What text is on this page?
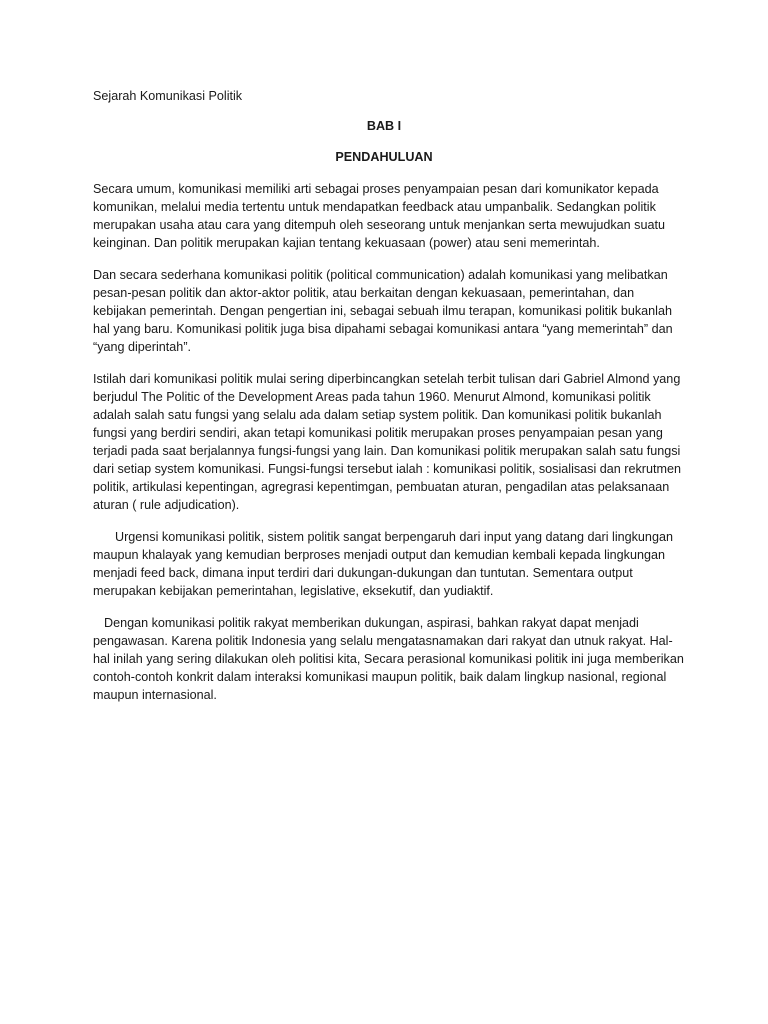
Sejarah Komunikasi Politik

BAB I

PENDAHULUAN

Secara umum, komunikasi memiliki arti sebagai proses penyampaian pesan dari komunikator kepada komunikan, melalui media tertentu untuk mendapatkan feedback atau umpanbalik. Sedangkan politik merupakan usaha atau cara yang ditempuh oleh seseorang untuk menjankan serta mewujudkan suatu keinginan. Dan politik merupakan kajian tentang kekuasaan (power) atau seni memerintah.

Dan secara sederhana komunikasi politik (political communication) adalah komunikasi yang melibatkan pesan-pesan politik dan aktor-aktor politik, atau berkaitan dengan kekuasaan, pemerintahan, dan kebijakan pemerintah. Dengan pengertian ini, sebagai sebuah ilmu terapan, komunikasi politik bukanlah hal yang baru. Komunikasi politik juga bisa dipahami sebagai komunikasi antara “yang memerintah” dan “yang diperintah”.

Istilah dari komunikasi politik mulai sering diperbincangkan setelah terbit tulisan dari Gabriel Almond yang berjudul The Politic of the Development Areas pada tahun 1960. Menurut Almond, komunikasi politik adalah salah satu fungsi yang selalu ada dalam setiap system politik. Dan komunikasi politik bukanlah fungsi yang berdiri sendiri, akan tetapi komunikasi politik merupakan proses penyampaian pesan yang terjadi pada saat berjalannya fungsi-fungsi yang lain. Dan komunikasi politik merupakan salah satu fungsi dari setiap system komunikasi. Fungsi-fungsi tersebut ialah : komunikasi politik, sosialisasi dan rekrutmen politik, artikulasi kepentingan, agregrasi kepentimgan, pembuatan aturan, pengadilan atas pelaksanaan aturan ( rule adjudication).

Urgensi komunikasi politik, sistem politik sangat berpengaruh dari input yang datang dari lingkungan maupun khalayak yang kemudian berproses menjadi output dan kemudian kembali kepada lingkungan menjadi feed back, dimana input terdiri dari dukungan-dukungan dan tuntutan. Sementara output merupakan kebijakan pemerintahan, legislative, eksekutif, dan yudiaktif.

Dengan komunikasi politik rakyat memberikan dukungan, aspirasi, bahkan rakyat dapat menjadi pengawasan. Karena politik Indonesia yang selalu mengatasnamakan dari rakyat dan utnuk rakyat. Hal-hal inilah yang sering dilakukan oleh politisi kita, Secara perasional komunikasi politik ini juga memberikan contoh-contoh konkrit dalam interaksi komunikasi maupun politik, baik dalam lingkup nasional, regional maupun internasional.
